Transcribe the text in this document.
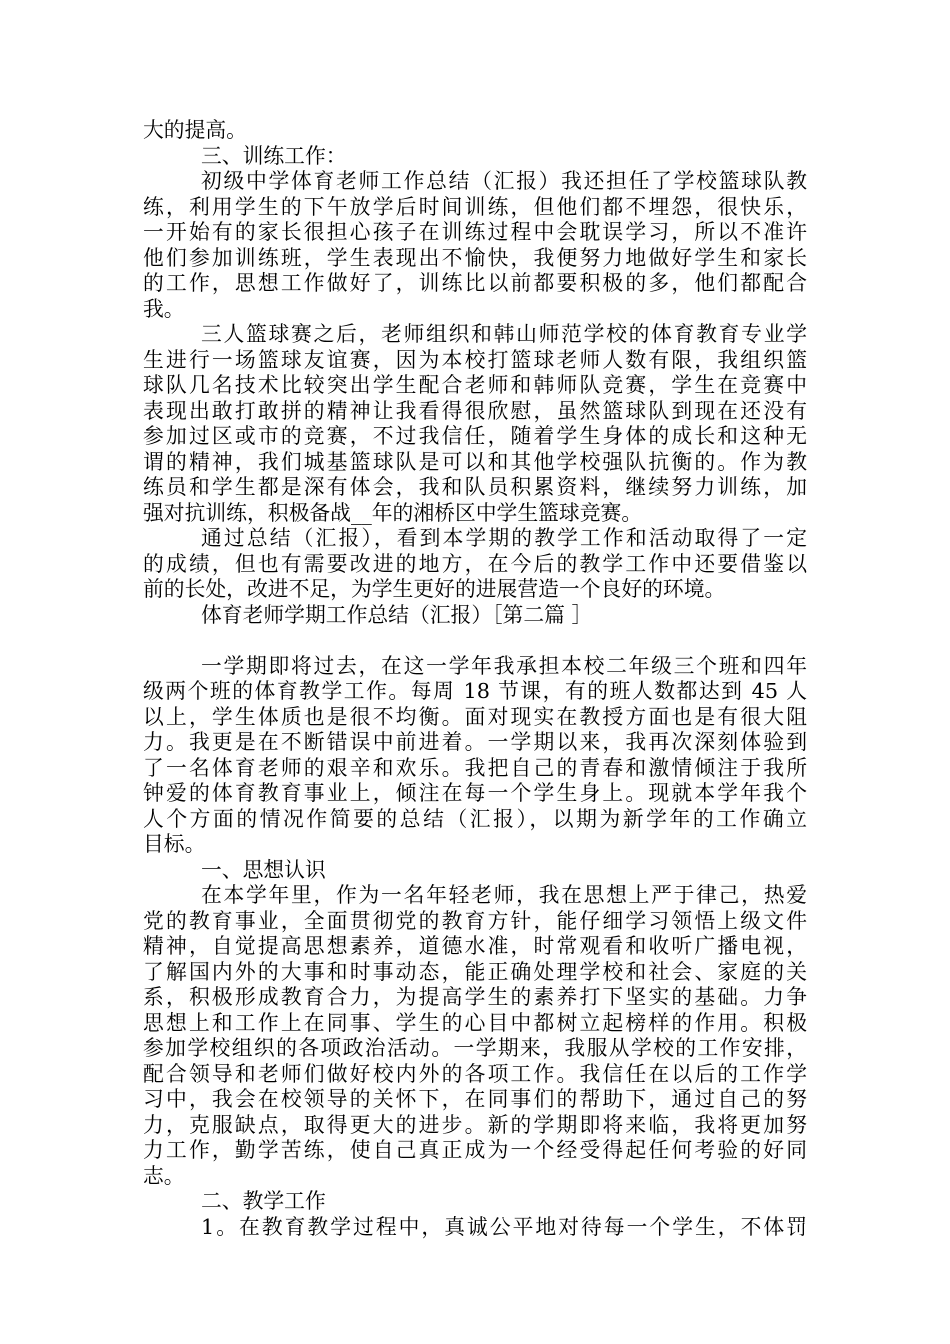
大的提高。
三、训练工作：
初级中学体育老师工作总结（汇报）我还担任了学校篮球队教
练，利用学生的下午放学后时间训练，但他们都不埋怨，很快乐，
一开始有的家长很担心孩子在训练过程中会耽误学习，所以不准许
他们参加训练班，学生表现出不愉快，我便努力地做好学生和家长
的工作，思想工作做好了，训练比以前都要积极的多，他们都配合
我。
三人篮球赛之后，老师组织和韩山师范学校的体育教育专业学
生进行一场篮球友谊赛，因为本校打篮球老师人数有限，我组织篮
球队几名技术比较突出学生配合老师和韩师队竞赛，学生在竞赛中
表现出敢打敢拼的精神让我看得很欣慰，虽然篮球队到现在还没有
参加过区或市的竞赛，不过我信任，随着学生身体的成长和这种无
谓的精神，我们城基篮球队是可以和其他学校强队抗衡的。作为教
练员和学生都是深有体会，我和队员积累资料，继续努力训练，加
强对抗训练，积极备战__年的湘桥区中学生篮球竞赛。
通过总结（汇报），看到本学期的教学工作和活动取得了一定
的成绩，但也有需要改进的地方，在今后的教学工作中还要借鉴以
前的长处，改进不足，为学生更好的进展营造一个良好的环境。
体育老师学期工作总结（汇报）［第二篇 ］
一学期即将过去，在这一学年我承担本校二年级三个班和四年
级两个班的体育教学工作。每周 18 节课，有的班人数都达到 45 人
以上，学生体质也是很不均衡。面对现实在教授方面也是有很大阻
力。我更是在不断错误中前进着。一学期以来，我再次深刻体验到
了一名体育老师的艰辛和欢乐。我把自己的青春和激情倾注于我所
钟爱的体育教育事业上，倾注在每一个学生身上。现就本学年我个
人个方面的情况作简要的总结（汇报），以期为新学年的工作确立
目标。
一、思想认识
在本学年里，作为一名年轻老师，我在思想上严于律己，热爱
党的教育事业，全面贯彻党的教育方针，能仔细学习领悟上级文件
精神，自觉提高思想素养，道德水准，时常观看和收听广播电视，
了解国内外的大事和时事动态，能正确处理学校和社会、家庭的关
系，积极形成教育合力，为提高学生的素养打下坚实的基础。力争
思想上和工作上在同事、学生的心目中都树立起榜样的作用。积极
参加学校组织的各项政治活动。一学期来，我服从学校的工作安排，
配合领导和老师们做好校内外的各项工作。我信任在以后的工作学
习中，我会在校领导的关怀下，在同事们的帮助下，通过自己的努
力，克服缺点，取得更大的进步。新的学期即将来临，我将更加努
力工作，勤学苦练，使自己真正成为一个经受得起任何考验的好同
志。
二、教学工作
1。在教育教学过程中，真诚公平地对待每一个学生，不体罚
